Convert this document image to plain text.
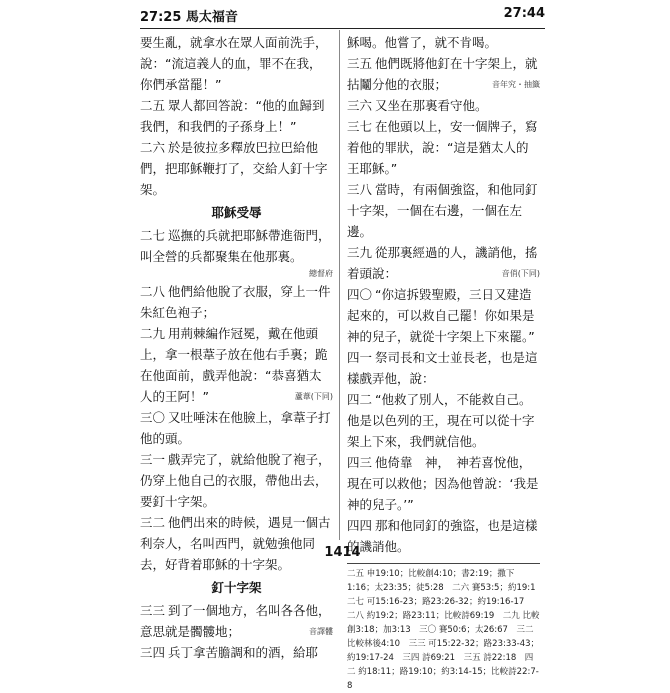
27:25 馬太福音	27:44

要生亂，就拿水在眾人面前洗手，說：“流這義人的血，罪不在我，你們承當罷！”

二五 眾人都回答說：“他的血歸到我們，和我們的子孫身上！”

二六 於是彼拉多釋放巴拉巴給他們，把耶穌鞭打了，交給人釘十字架。

耶穌受辱

二七 巡撫的兵就把耶穌帶進衙門，叫全營的兵都聚集在他那裏。

總督府

二八 他們給他脫了衣服，穿上一件朱紅色袍子；

二九 用荊棘編作冠冕，戴在他頭上，拿一根葦子放在他右手裏；跪在他面前，戲弄他說：“恭喜猶太人的王阿！”	蘆葦(下同)

三〇 又吐唾沫在他臉上，拿葦子打他的頭。

三一 戲弄完了，就給他脫了袍子，仍穿上他自己的衣服，帶他出去，要釘十字架。

三二 他們出來的時候，遇見一個古利奈人，名叫西門，就勉強他同去，好背着耶穌的十字架。

釘十字架

三三 到了一個地方，名叫各各他，意思就是髑髏地；	音譯髏

三四 兵丁拿苦膽調和的酒，給耶

穌喝。他嘗了，就不肯喝。

三五 他們既將他釘在十字架上，就拈鬮分他的衣服；	音年究・抽籤

三六 又坐在那裏看守他。

三七 在他頭以上，安一個牌子，寫着他的罪狀，說：“這是猶太人的王耶穌。”

三八 當時，有兩個強盜，和他同釘十字架，一個在右邊，一個在左邊。

三九 從那裏經過的人，譏誚他，搖着頭說：	音俏(下同)

四〇 “你這拆毀聖殿，三日又建造起來的，可以救自己罷！你如果是神的兒子，就從十字架上下來罷。”

四一 祭司長和文士並長老，也是這樣戲弄他，說：

四二 “他救了別人，不能救自己。他是以色列的王，現在可以從十字架上下來，我們就信他。

四三 他倚靠　神，　神若喜悅他，現在可以救他；因為他曾說：‘我是　神的兒子。’”

四四 那和他同釘的強盜，也是這樣的譏誚他。

二五 申19:10；比較創4:10；書2:19；撒下1:16；太23:35；徒5:28　二六 賽53:5；約19:1　二七 可15:16-23；路23:26-32；約19:16-17　二八 約19:2；路23:11；比較詩69:19　二九 比較創3:18；加3:13　三〇 賽50:6；太26:67　三二 比較林後4:10　三三 可15:22-32；路23:33-43；約19:17-24　三四 詩69:21　三五 詩22:18　四二 約18:11；路19:10；約3:14-15；比較詩22:7-8
1414
